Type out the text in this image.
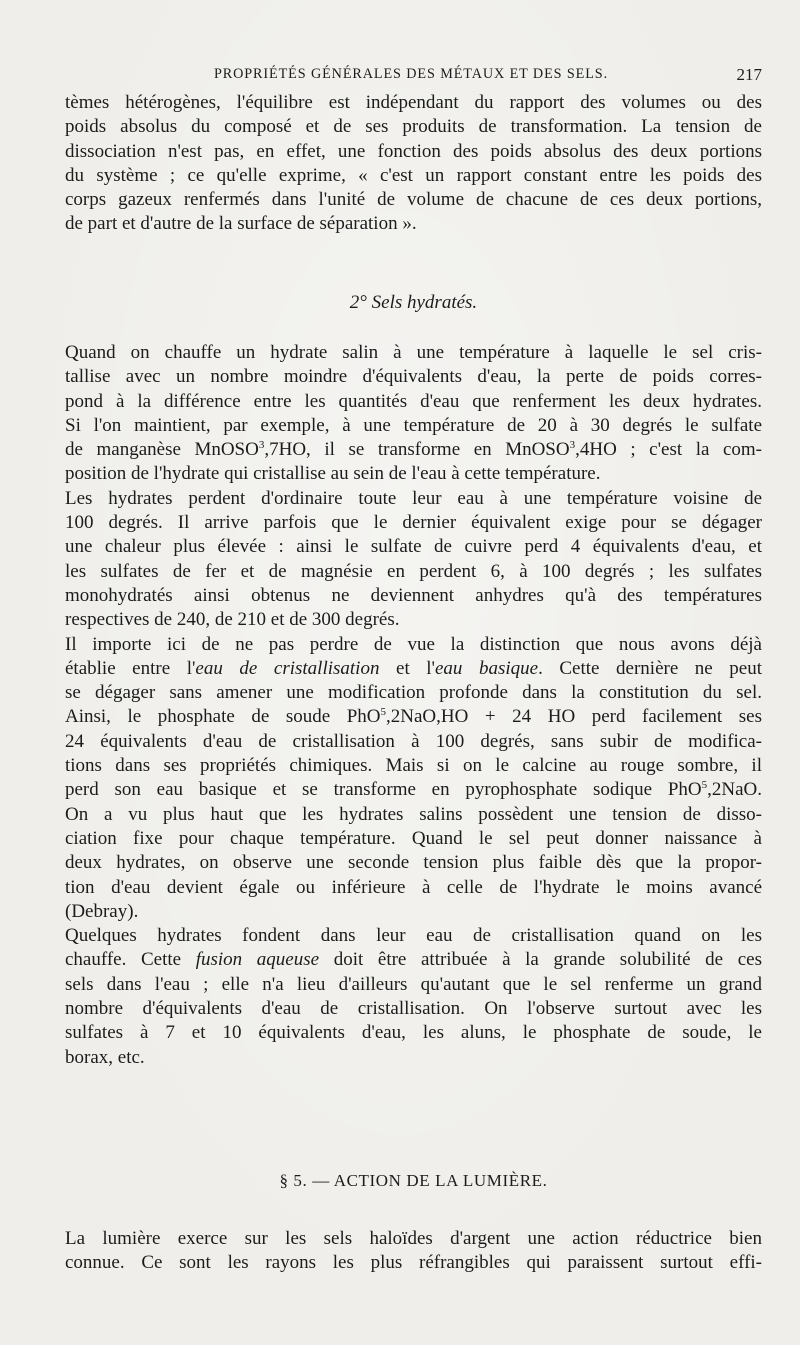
PROPRIÉTÉS GÉNÉRALES DES MÉTAUX ET DES SELS.	217
tèmes hétérogènes, l'équilibre est indépendant du rapport des volumes ou des
poids absolus du composé et de ses produits de transformation. La tension de
dissociation n'est pas, en effet, une fonction des poids absolus des deux portions
du système ; ce qu'elle exprime, « c'est un rapport constant entre les poids des
corps gazeux renfermés dans l'unité de volume de chacune de ces deux portions,
de part et d'autre de la surface de séparation ».
2° Sels hydratés.
Quand on chauffe un hydrate salin à une température à laquelle le sel cris-
tallise avec un nombre moindre d'équivalents d'eau, la perte de poids corres-
pond à la différence entre les quantités d'eau que renferment les deux hydrates.
Si l'on maintient, par exemple, à une température de 20 à 30 degrés le sulfate
de manganèse MnOSO$^3$,7HO, il se transforme en MnOSO$^3$,4HO ; c'est la com-
position de l'hydrate qui cristallise au sein de l'eau à cette température.
Les hydrates perdent d'ordinaire toute leur eau à une température voisine de
100 degrés. Il arrive parfois que le dernier équivalent exige pour se dégager
une chaleur plus élevée : ainsi le sulfate de cuivre perd 4 équivalents d'eau, et
les sulfates de fer et de magnésie en perdent 6, à 100 degrés ; les sulfates
monohydratés ainsi obtenus ne deviennent anhydres qu'à des températures
respectives de 240, de 210 et de 300 degrés.
Il importe ici de ne pas perdre de vue la distinction que nous avons déjà
établie entre l'eau de cristallisation et l'eau basique. Cette dernière ne peut
se dégager sans amener une modification profonde dans la constitution du sel.
Ainsi, le phosphate de soude PhO$^5$,2NaO,HO + 24 HO perd facilement ses
24 équivalents d'eau de cristallisation à 100 degrés, sans subir de modifica-
tions dans ses propriétés chimiques. Mais si on le calcine au rouge sombre, il
perd son eau basique et se transforme en pyrophosphate sodique PhO$^5$,2NaO.
On a vu plus haut que les hydrates salins possèdent une tension de disso-
ciation fixe pour chaque température. Quand le sel peut donner naissance à
deux hydrates, on observe une seconde tension plus faible dès que la propor-
tion d'eau devient égale ou inférieure à celle de l'hydrate le moins avancé
(Debray).
Quelques hydrates fondent dans leur eau de cristallisation quand on les
chauffe. Cette fusion aqueuse doit être attribuée à la grande solubilité de ces
sels dans l'eau ; elle n'a lieu d'ailleurs qu'autant que le sel renferme un grand
nombre d'équivalents d'eau de cristallisation. On l'observe surtout avec les
sulfates à 7 et 10 équivalents d'eau, les aluns, le phosphate de soude, le
borax, etc.
§ 5. — ACTION DE LA LUMIÈRE.
La lumière exerce sur les sels haloïdes d'argent une action réductrice bien
connue. Ce sont les rayons les plus réfrangibles qui paraissent surtout effi-
